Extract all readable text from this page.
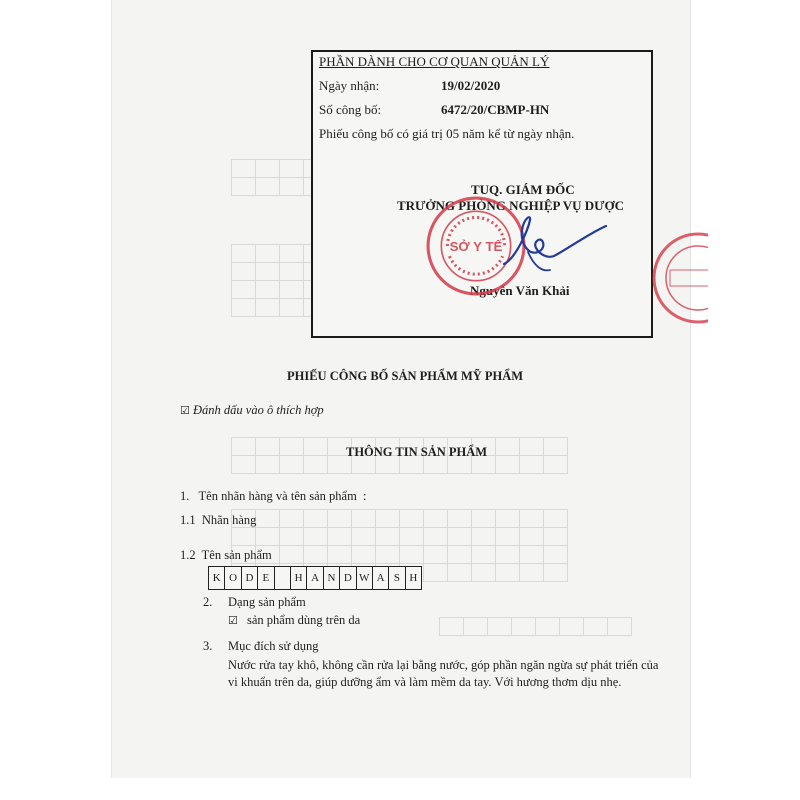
PHẦN DÀNH CHO CƠ QUAN QUẢN LÝ
Ngày nhận:	19/02/2020
Số công bố:	6472/20/CBMP-HN
Phiếu công bố có giá trị 05 năm kể từ ngày nhận.
TUQ. GIÁM ĐỐC
TRƯỞNG PHÒNG NGHIỆP VỤ DƯỢC
Nguyễn Văn Khải
SỞ Y TẾ
PHIẾU CÔNG BỐ SẢN PHẨM MỸ PHẨM
☑ Đánh dấu vào ô thích hợp
THÔNG TIN SẢN PHẨM
1.   Tên nhãn hàng và tên sản phẩm  :
1.1  Nhãn hàng
1.2  Tên sản phẩm
K O D E	H A N D W A S H
2. Dạng sản phẩm
☑ sản phẩm dùng trên da
3. Mục đích sử dụng
Nước rửa tay khô, không cần rửa lại bằng nước, góp phần ngăn ngừa sự phát triển của vi khuẩn trên da, giúp dưỡng ẩm và làm mềm da tay. Với hương thơm dịu nhẹ.
